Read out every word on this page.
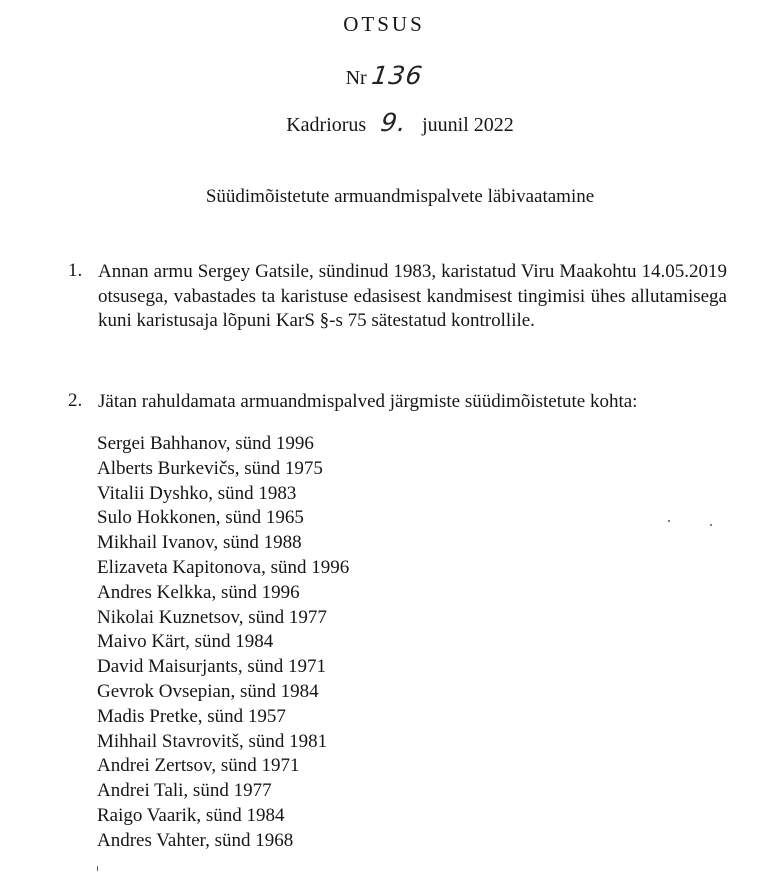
OTSUS
Nr 136
Kadriorus 9. juunil 2022
Süüdimõistetute armuandmispalvete läbivaatamine
1. Annan armu Sergey Gatsile, sündinud 1983, karistatud Viru Maakohtu 14.05.2019 otsusega, vabastades ta karistuse edasisest kandmisest tingimisi ühes allutamisega kuni karistusaja lõpuni KarS §-s 75 sätestatud kontrollile.
2. Jätan rahuldamata armuandmispalved järgmiste süüdimõistetute kohta:
Sergei Bahhanov, sünd 1996
Alberts Burkevičs, sünd 1975
Vitalii Dyshko, sünd 1983
Sulo Hokkonen, sünd 1965
Mikhail Ivanov, sünd 1988
Elizaveta Kapitonova, sünd 1996
Andres Kelkka, sünd 1996
Nikolai Kuznetsov, sünd 1977
Maivo Kärt, sünd 1984
David Maisurjants, sünd 1971
Gevrok Ovsepian, sünd 1984
Madis Pretke, sünd 1957
Mihhail Stavrovitš, sünd 1981
Andrei Zertsov, sünd 1971
Andrei Tali, sünd 1977
Raigo Vaarik, sünd 1984
Andres Vahter, sünd 1968
